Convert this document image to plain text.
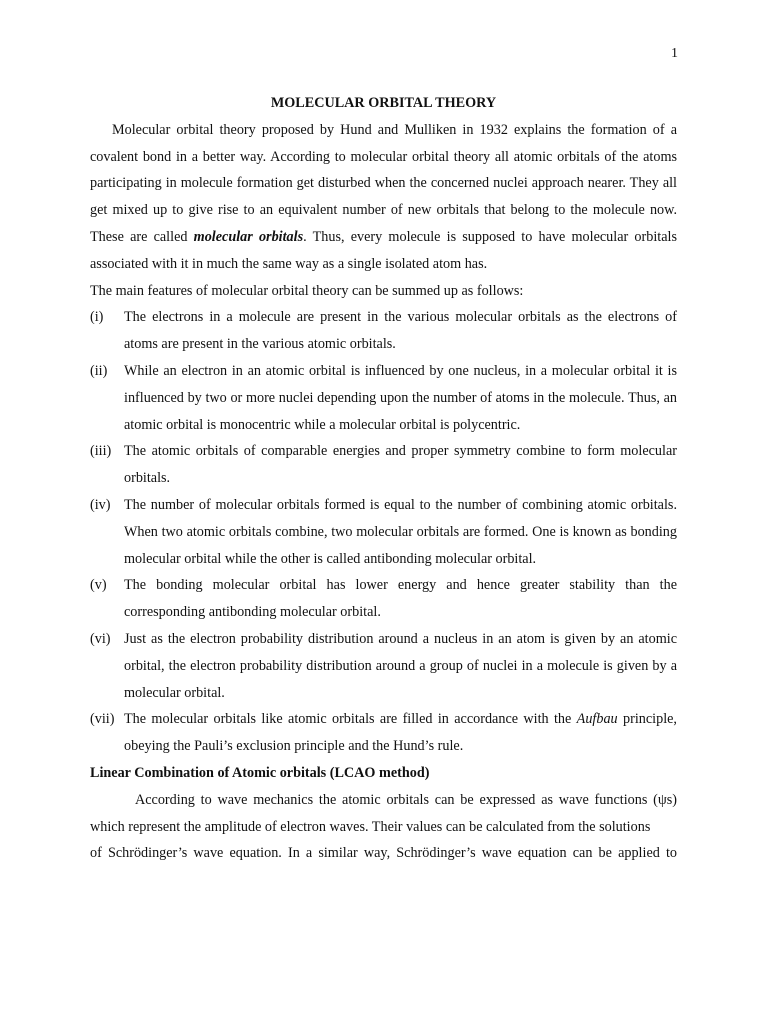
1

MOLECULAR ORBITAL THEORY

Molecular orbital theory proposed by Hund and Mulliken in 1932 explains the formation of a covalent bond in a better way. According to molecular orbital theory all atomic orbitals of the atoms participating in molecule formation get disturbed when the concerned nuclei approach nearer. They all get mixed up to give rise to an equivalent number of new orbitals that belong to the molecule now. These are called molecular orbitals. Thus, every molecule is supposed to have molecular orbitals associated with it in much the same way as a single isolated atom has.

The main features of molecular orbital theory can be summed up as follows:

(i) The electrons in a molecule are present in the various molecular orbitals as the electrons of atoms are present in the various atomic orbitals.
(ii) While an electron in an atomic orbital is influenced by one nucleus, in a molecular orbital it is influenced by two or more nuclei depending upon the number of atoms in the molecule. Thus, an atomic orbital is monocentric while a molecular orbital is polycentric.
(iii) The atomic orbitals of comparable energies and proper symmetry combine to form molecular orbitals.
(iv) The number of molecular orbitals formed is equal to the number of combining atomic orbitals. When two atomic orbitals combine, two molecular orbitals are formed. One is known as bonding molecular orbital while the other is called antibonding molecular orbital.
(v) The bonding molecular orbital has lower energy and hence greater stability than the corresponding antibonding molecular orbital.
(vi) Just as the electron probability distribution around a nucleus in an atom is given by an atomic orbital, the electron probability distribution around a group of nuclei in a molecule is given by a molecular orbital.
(vii) The molecular orbitals like atomic orbitals are filled in accordance with the Aufbau principle, obeying the Pauli’s exclusion principle and the Hund’s rule.

Linear Combination of Atomic orbitals (LCAO method)

According to wave mechanics the atomic orbitals can be expressed as wave functions (ψs) which represent the amplitude of electron waves. Their values can be calculated from the solutions

of Schrödinger’s wave equation. In a similar way, Schrödinger’s wave equation can be applied to
